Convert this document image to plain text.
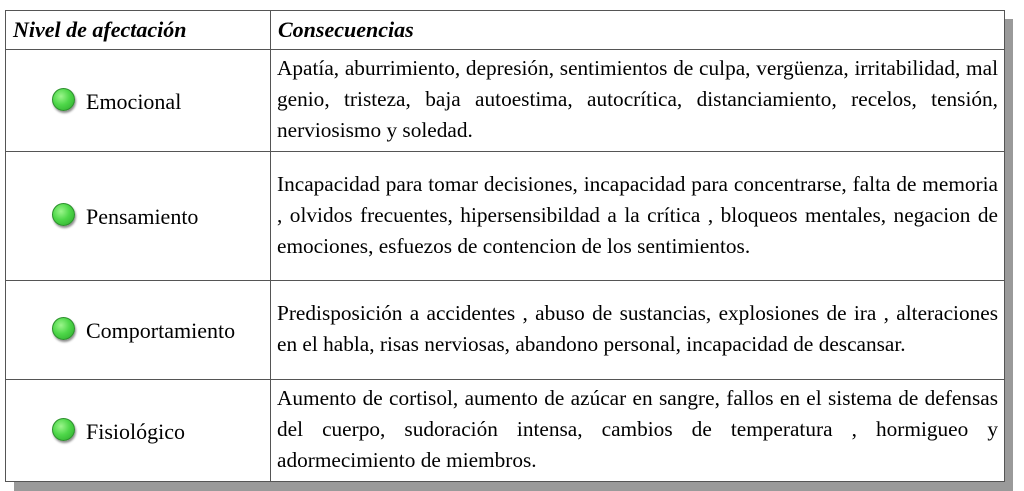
Nivel de afectación	Consecuencias
Emocional	Apatía, aburrimiento, depresión, sentimientos de culpa, vergüenza, irritabilidad, mal genio, tristeza, baja autoestima, autocrítica, distanciamiento, recelos, tensión, nerviosismo y soledad.
Pensamiento	Incapacidad para tomar decisiones, incapacidad para concentrarse, falta de memoria , olvidos frecuentes, hipersensibildad a la crítica , bloqueos mentales, negacion de emociones, esfuezos de contencion de los sentimientos.
Comportamiento	Predisposición a accidentes , abuso de sustancias, explosiones de ira , alteraciones en el habla, risas nerviosas, abandono personal, incapacidad de descansar.
Fisiológico	Aumento de cortisol, aumento de azúcar en sangre, fallos en el sistema de defensas del cuerpo, sudoración intensa, cambios de temperatura , hormigueo y adormecimiento de miembros.
